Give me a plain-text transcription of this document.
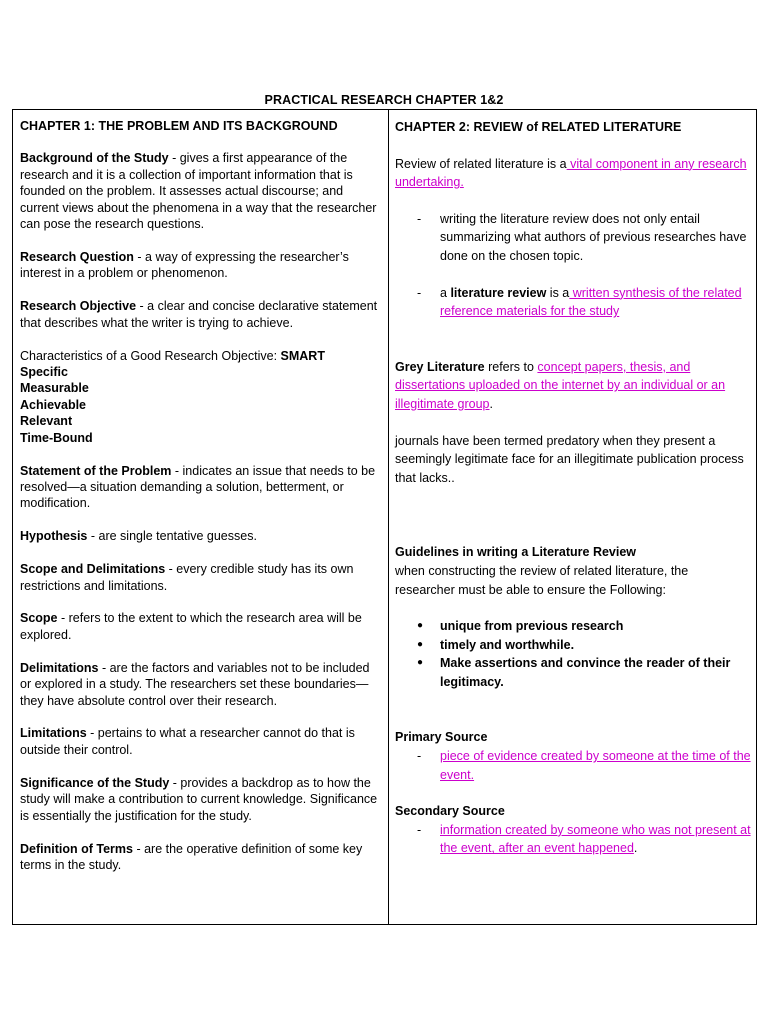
PRACTICAL RESEARCH CHAPTER 1&2

CHAPTER 1: THE PROBLEM AND ITS BACKGROUND

Background of the Study - gives a first appearance of the research and it is a collection of important information that is founded on the problem. It assesses actual discourse; and current views about the phenomena in a way that the researcher can pose the research questions.

Research Question - a way of expressing the researcher’s interest in a problem or phenomenon.

Research Objective - a clear and concise declarative statement that describes what the writer is trying to achieve.

Characteristics of a Good Research Objective: SMART
Specific
Measurable
Achievable
Relevant
Time-Bound

Statement of the Problem - indicates an issue that needs to be resolved—a situation demanding a solution, betterment, or modification.

Hypothesis - are single tentative guesses.

Scope and Delimitations - every credible study has its own restrictions and limitations.

Scope - refers to the extent to which the research area will be explored.

Delimitations - are the factors and variables not to be included or explored in a study. The researchers set these boundaries— they have absolute control over their research.

Limitations - pertains to what a researcher cannot do that is outside their control.

Significance of the Study - provides a backdrop as to how the study will make a contribution to current knowledge. Significance is essentially the justification for the study.

Definition of Terms - are the operative definition of some key terms in the study.

CHAPTER 2: REVIEW of RELATED LITERATURE

Review of related literature is a vital component in any research undertaking.

- writing the literature review does not only entail summarizing what authors of previous researches have done on the chosen topic.
- a literature review is a written synthesis of the related reference materials for the study

Grey Literature refers to concept papers, thesis, and dissertations uploaded on the internet by an individual or an illegitimate group.

journals have been termed predatory when they present a seemingly legitimate face for an illegitimate publication process that lacks..

Guidelines in writing a Literature Review
when constructing the review of related literature, the researcher must be able to ensure the Following:

● unique from previous research
● timely and worthwhile.
● Make assertions and convince the reader of their legitimacy.

Primary Source

- piece of evidence created by someone at the time of the event.

Secondary Source

- information created by someone who was not present at the event, after an event happened.
